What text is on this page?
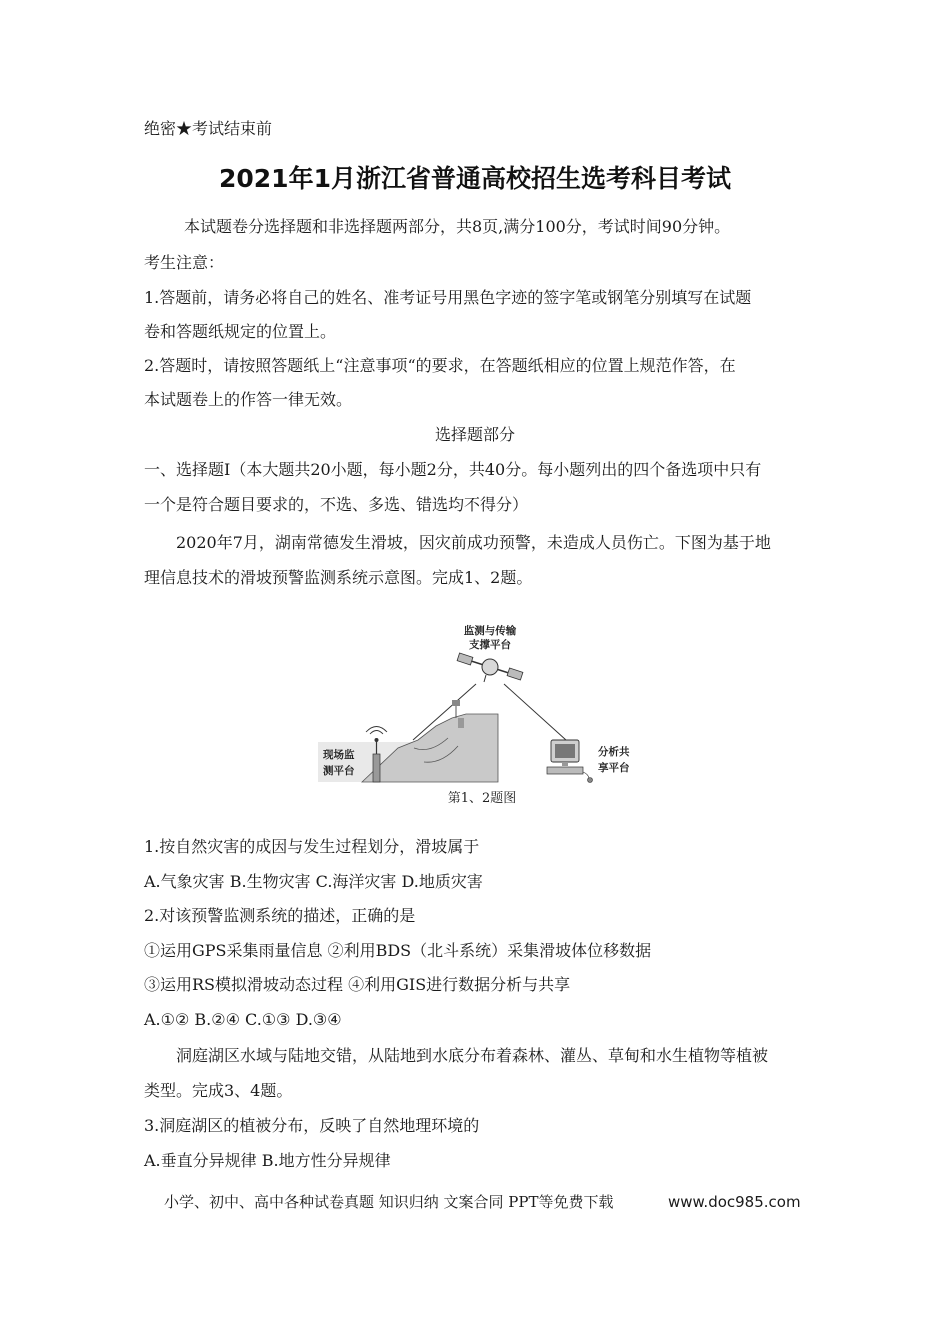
绝密★考试结束前
2021年1月浙江省普通高校招生选考科目考试
本试题卷分选择题和非选择题两部分，共8页,满分100分，考试时间90分钟。
考生注意：
1.答题前，请务必将自己的姓名、准考证号用黑色字迹的签字笔或钢笔分别填写在试题
卷和答题纸规定的位置上。
2.答题时，请按照答题纸上“注意事项“的要求，在答题纸相应的位置上规范作答，在
本试题卷上的作答一律无效。
选择题部分
一、选择题Ⅰ（本大题共20小题，每小题2分，共40分。每小题列出的四个备选项中只有
一个是符合题目要求的，不选、多选、错选均不得分）
2020年7月，湖南常德发生滑坡，因灾前成功预警，未造成人员伤亡。下图为基于地
理信息技术的滑坡预警监测系统示意图。完成1、2题。
监测与传输
支撑平台
现场监
测平台
分析共
享平台
第1、2题图
1.按自然灾害的成因与发生过程划分，滑坡属于
A.气象灾害 B.生物灾害 C.海洋灾害 D.地质灾害
2.对该预警监测系统的描述，正确的是
①运用GPS采集雨量信息 ②利用BDS（北斗系统）采集滑坡体位移数据
③运用RS模拟滑坡动态过程 ④利用GIS进行数据分析与共享
A.①② B.②④ C.①③ D.③④
洞庭湖区水域与陆地交错，从陆地到水底分布着森林、灌丛、草甸和水生植物等植被
类型。完成3、4题。
3.洞庭湖区的植被分布，反映了自然地理环境的
A.垂直分异规律 B.地方性分异规律
小学、初中、高中各种试卷真题 知识归纳 文案合同 PPT等免费下载	www.doc985.com
